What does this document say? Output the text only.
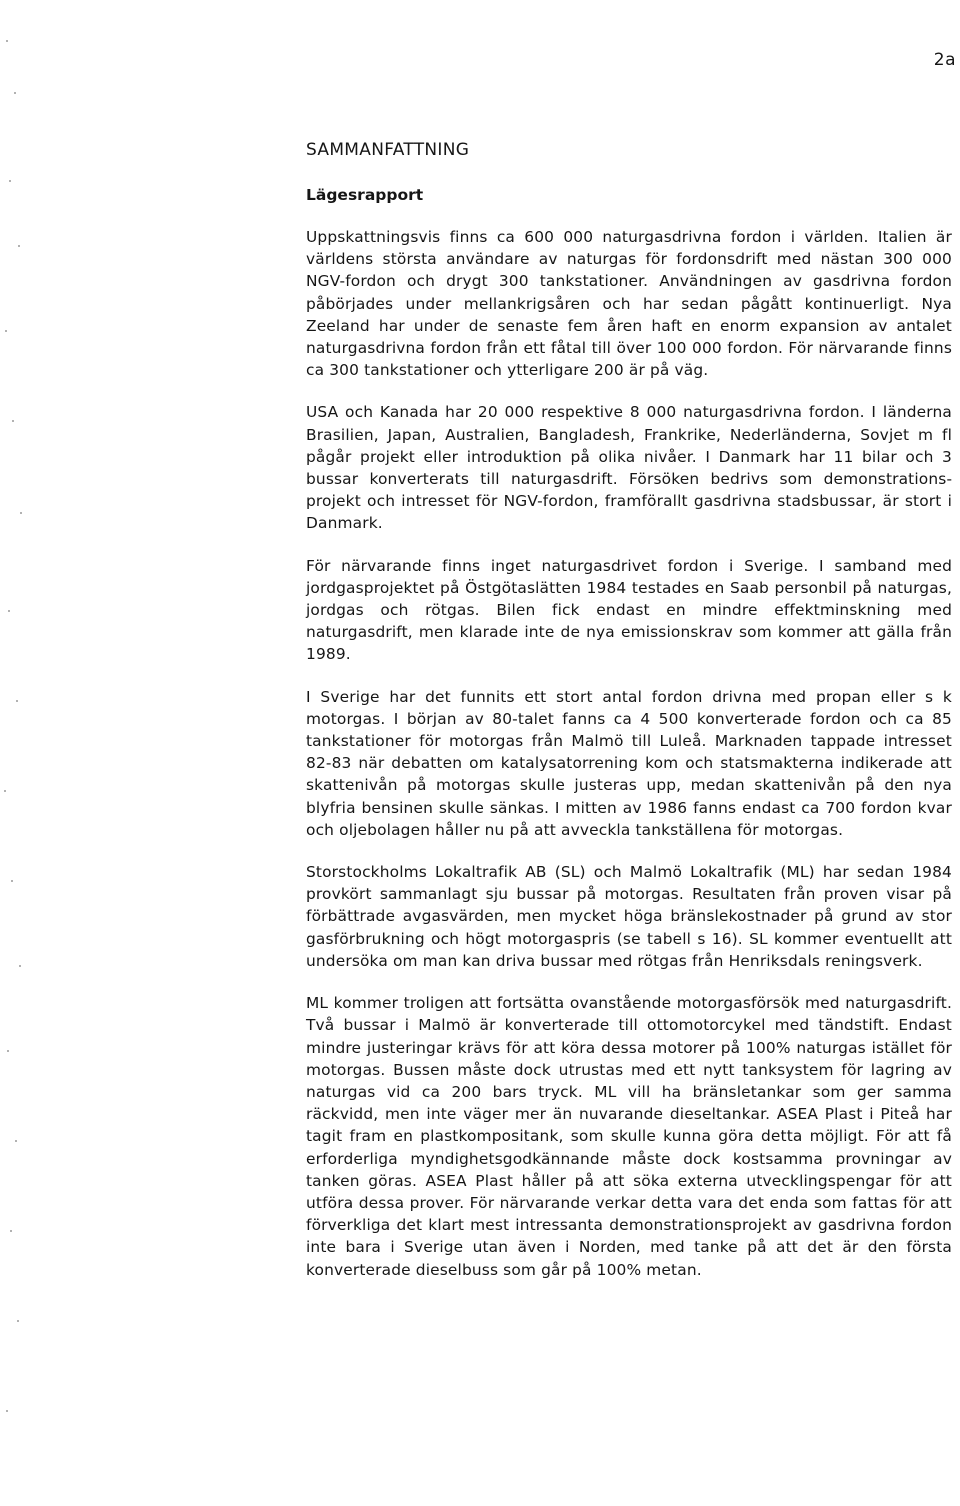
2a
SAMMANFATTNING
Lägesrapport

Uppskattningsvis finns ca 600 000 naturgasdrivna fordon i världen. Italien är världens största användare av naturgas för fordonsdrift med nästan 300 000 NGV-fordon och drygt 300 tankstationer. Användningen av gasdrivna fordon påbörjades under mellankrigsåren och har sedan pågått kontinuerligt. Nya Zeeland har under de senaste fem åren haft en enorm expansion av antalet naturgasdrivna fordon från ett fåtal till över 100 000 fordon. För närvarande finns ca 300 tankstationer och ytterligare 200 är på väg.

USA och Kanada har 20 000 respektive 8 000 naturgasdrivna fordon. I länderna Brasilien, Japan, Australien, Bangladesh, Frankrike, Nederländerna, Sovjet m fl pågår projekt eller introduktion på olika nivåer. I Danmark har 11 bilar och 3 bussar konverterats till naturgasdrift. Försöken bedrivs som demonstrationsprojekt och intresset för NGV-fordon, framförallt gasdrivna stadsbussar, är stort i Danmark.

För närvarande finns inget naturgasdrivet fordon i Sverige. I samband med jordgasprojektet på Östgötaslätten 1984 testades en Saab personbil på naturgas, jordgas och rötgas. Bilen fick endast en mindre effektminskning med naturgasdrift, men klarade inte de nya emissionskrav som kommer att gälla från 1989.

I Sverige har det funnits ett stort antal fordon drivna med propan eller s k motorgas. I början av 80-talet fanns ca 4 500 konverterade fordon och ca 85 tankstationer för motorgas från Malmö till Luleå. Marknaden tappade intresset 82-83 när debatten om katalysatorrening kom och statsmakterna indikerade att skattenivån på motorgas skulle justeras upp, medan skattenivån på den nya blyfria bensinen skulle sänkas. I mitten av 1986 fanns endast ca 700 fordon kvar och oljebolagen håller nu på att avveckla tankställena för motorgas.

Storstockholms Lokaltrafik AB (SL) och Malmö Lokaltrafik (ML) har sedan 1984 provkört sammanlagt sju bussar på motorgas. Resultaten från proven visar på förbättrade avgasvärden, men mycket höga bränslekostnader på grund av stor gasförbrukning och högt motorgaspris (se tabell s 16). SL kommer eventuellt att undersöka om man kan driva bussar med rötgas från Henriksdals reningsverk.

ML kommer troligen att fortsätta ovanstående motorgasförsök med naturgasdrift. Två bussar i Malmö är konverterade till ottomotorcykel med tändstift. Endast mindre justeringar krävs för att köra dessa motorer på 100% naturgas istället för motorgas. Bussen måste dock utrustas med ett nytt tanksystem för lagring av naturgas vid ca 200 bars tryck. ML vill ha bränsletankar som ger samma räckvidd, men inte väger mer än nuvarande dieseltankar. ASEA Plast i Piteå har tagit fram en plastkompositank, som skulle kunna göra detta möjligt. För att få erforderliga myndighetsgodkännande måste dock kostsamma provningar av tanken göras. ASEA Plast håller på att söka externa utvecklingspengar för att utföra dessa prover. För närvarande verkar detta vara det enda som fattas för att förverkliga det klart mest intressanta demonstrationsprojekt av gasdrivna fordon inte bara i Sverige utan även i Norden, med tanke på att det är den första konverterade dieselbuss som går på 100% metan.
